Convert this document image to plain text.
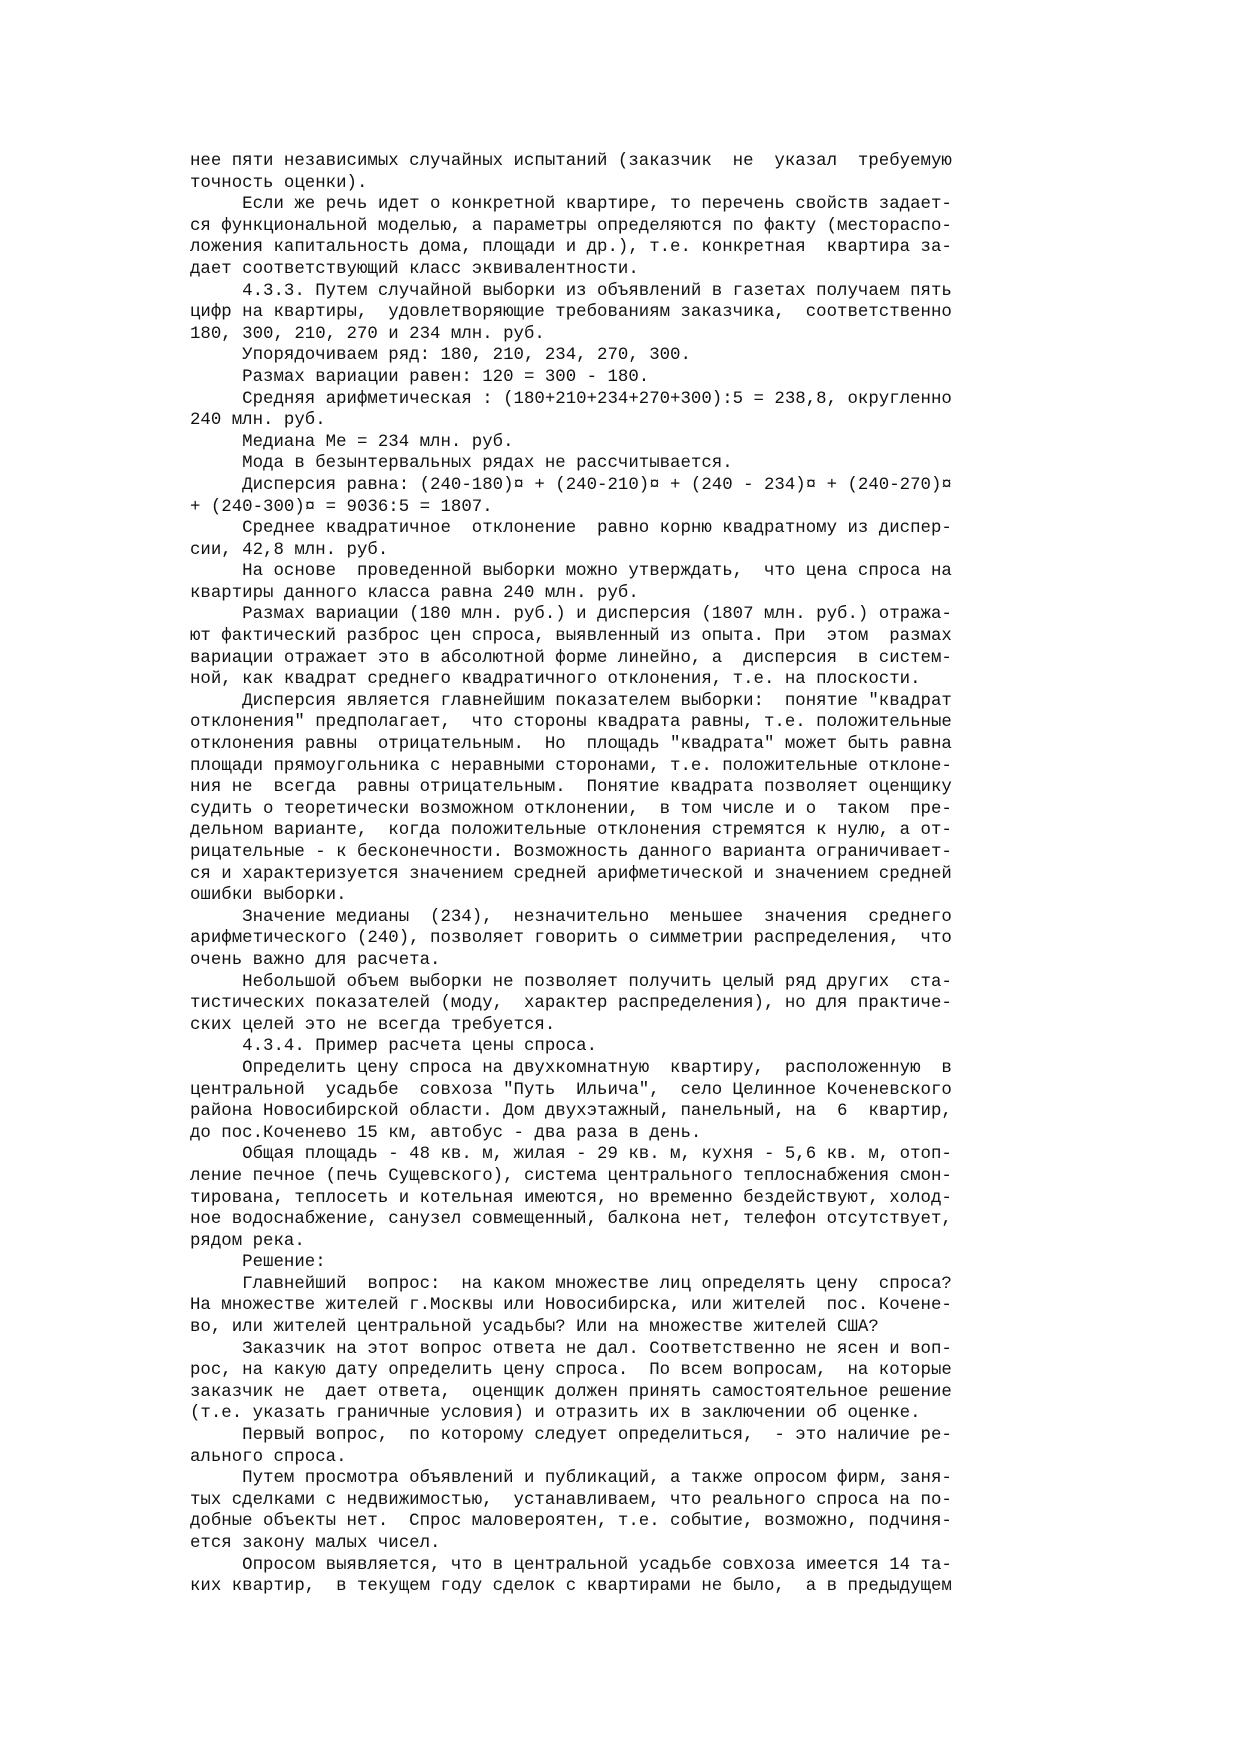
нее пяти независимых случайных испытаний (заказчик  не  указал  требуемую
точность оценки).
Если же речь идет о конкретной квартире, то перечень свойств задает-
ся функциональной моделью, а параметры определяются по факту (местораспо-
ложения капитальность дома, площади и др.), т.е. конкретная  квартира за-
дает соответствующий класс эквивалентности.
4.3.3. Путем случайной выборки из объявлений в газетах получаем пять
цифр на квартиры,  удовлетворяющие требованиям заказчика,  соответственно
180, 300, 210, 270 и 234 млн. руб.
Упорядочиваем ряд: 180, 210, 234, 270, 300.
Размах вариации равен: 120 = 300 - 180.
Средняя арифметическая : (180+210+234+270+300):5 = 238,8, округленно
240 млн. руб.
Медиана Ме = 234 млн. руб.
Мода в безынтервальных рядах не рассчитывается.
Дисперсия равна: (240-180)¤ + (240-210)¤ + (240 - 234)¤ + (240-270)¤
+ (240-300)¤ = 9036:5 = 1807.
Среднее квадратичное  отклонение  равно корню квадратному из диспер-
сии, 42,8 млн. руб.
На основе  проведенной выборки можно утверждать,  что цена спроса на
квартиры данного класса равна 240 млн. руб.
Размах вариации (180 млн. руб.) и дисперсия (1807 млн. руб.) отража-
ют фактический разброс цен спроса, выявленный из опыта. При  этом  размах
вариации отражает это в абсолютной форме линейно, а  дисперсия  в систем-
ной, как квадрат среднего квадратичного отклонения, т.е. на плоскости.
Дисперсия является главнейшим показателем выборки:  понятие "квадрат
отклонения" предполагает,  что стороны квадрата равны, т.е. положительные
отклонения равны  отрицательным.  Но  площадь "квадрата" может быть равна
площади прямоугольника с неравными сторонами, т.е. положительные отклоне-
ния не  всегда  равны отрицательным.  Понятие квадрата позволяет оценщику
судить о теоретически возможном отклонении,  в том числе и о  таком  пре-
дельном варианте,  когда положительные отклонения стремятся к нулю, а от-
рицательные - к бесконечности. Возможность данного варианта ограничивает-
ся и характеризуется значением средней арифметической и значением средней
ошибки выборки.
Значение медианы  (234),  незначительно  меньшее  значения  среднего
арифметического (240), позволяет говорить о симметрии распределения,  что
очень важно для расчета.
Небольшой объем выборки не позволяет получить целый ряд других  ста-
тистических показателей (моду,  характер распределения), но для практиче-
ских целей это не всегда требуется.
4.3.4. Пример расчета цены спроса.
Определить цену спроса на двухкомнатную  квартиру,  расположенную  в
центральной  усадьбе  совхоза "Путь  Ильича",  село Целинное Коченевского
района Новосибирской области. Дом двухэтажный, панельный, на  6  квартир,
до пос.Коченево 15 км, автобус - два раза в день.
Общая площадь - 48 кв. м, жилая - 29 кв. м, кухня - 5,6 кв. м, отоп-
ление печное (печь Сущевского), система центрального теплоснабжения смон-
тирована, теплосеть и котельная имеются, но временно бездействуют, холод-
ное водоснабжение, санузел совмещенный, балкона нет, телефон отсутствует,
рядом река.
Решение:
Главнейший  вопрос:  на каком множестве лиц определять цену  спроса?
На множестве жителей г.Москвы или Новосибирска, или жителей  пос. Кочене-
во, или жителей центральной усадьбы? Или на множестве жителей США?
Заказчик на этот вопрос ответа не дал. Соответственно не ясен и воп-
рос, на какую дату определить цену спроса.  По всем вопросам,  на которые
заказчик не  дает ответа,  оценщик должен принять самостоятельное решение
(т.е. указать граничные условия) и отразить их в заключении об оценке.
Первый вопрос,  по которому следует определиться,  - это наличие ре-
ального спроса.
Путем просмотра объявлений и публикаций, а также опросом фирм, заня-
тых сделками с недвижимостью,  устанавливаем, что реального спроса на по-
добные объекты нет.  Спрос маловероятен, т.е. событие, возможно, подчиня-
ется закону малых чисел.
Опросом выявляется, что в центральной усадьбе совхоза имеется 14 та-
ких квартир,  в текущем году сделок с квартирами не было,  а в предыдущем
